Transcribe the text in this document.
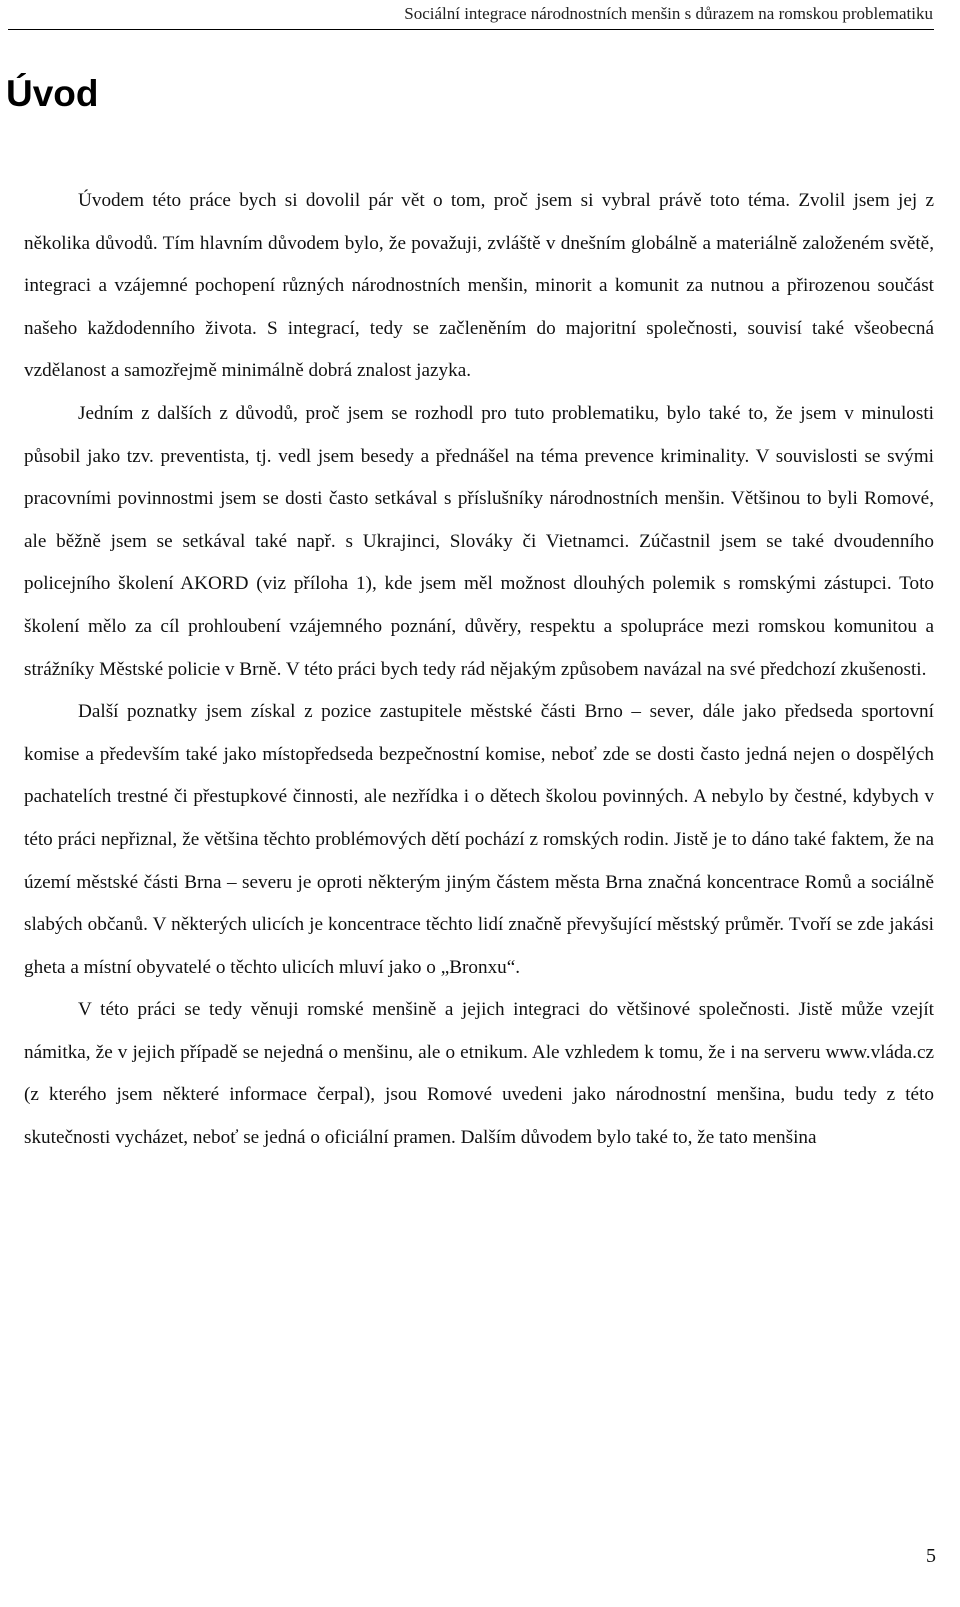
Sociální integrace národnostních menšin s důrazem na romskou problematiku
Úvod

Úvodem této práce bych si dovolil pár vět o tom, proč jsem si vybral právě toto téma. Zvolil jsem jej z několika důvodů. Tím hlavním důvodem bylo, že považuji, zvláště v dnešním globálně a materiálně založeném světě, integraci a vzájemné pochopení různých národnostních menšin, minorit a komunit za nutnou a přirozenou součást našeho každodenního života. S integrací, tedy se začleněním do majoritní společnosti, souvisí také všeobecná vzdělanost a samozřejmě minimálně dobrá znalost jazyka.

Jedním z dalších z důvodů, proč jsem se rozhodl pro tuto problematiku, bylo také to, že jsem v minulosti působil jako tzv. preventista, tj. vedl jsem besedy a přednášel na téma prevence kriminality. V souvislosti se svými pracovními povinnostmi jsem se dosti často setkával s příslušníky národnostních menšin. Většinou to byli Romové, ale běžně jsem se setkával také např. s Ukrajinci, Slováky či Vietnamci. Zúčastnil jsem se také dvoudenního policejního školení AKORD (viz příloha 1), kde jsem měl možnost dlouhých polemik s romskými zástupci. Toto školení mělo za cíl prohloubení vzájemného poznání, důvěry, respektu a spolupráce mezi romskou komunitou a strážníky Městské policie v Brně. V této práci bych tedy rád nějakým způsobem navázal na své předchozí zkušenosti.

Další poznatky jsem získal z pozice zastupitele městské části Brno – sever, dále jako předseda sportovní komise a především také jako místopředseda bezpečnostní komise, neboť zde se dosti často jedná nejen o dospělých pachatelích trestné či přestupkové činnosti, ale nezřídka i o dětech školou povinných. A nebylo by čestné, kdybych v této práci nepřiznal, že většina těchto problémových dětí pochází z romských rodin. Jistě je to dáno také faktem, že na území městské části Brna – severu je oproti některým jiným částem města Brna značná koncentrace Romů a sociálně slabých občanů. V některých ulicích je koncentrace těchto lidí značně převyšující městský průměr. Tvoří se zde jakási gheta a místní obyvatelé o těchto ulicích mluví jako o „Bronxu“.

V této práci se tedy věnuji romské menšině a jejich integraci do většinové společnosti. Jistě může vzejít námitka, že v jejich případě se nejedná o menšinu, ale o etnikum. Ale vzhledem k tomu, že i na serveru www.vláda.cz (z kterého jsem některé informace čerpal), jsou Romové uvedeni jako národnostní menšina, budu tedy z této skutečnosti vycházet, neboť se jedná o oficiální pramen. Dalším důvodem bylo také to, že tato menšina

5
